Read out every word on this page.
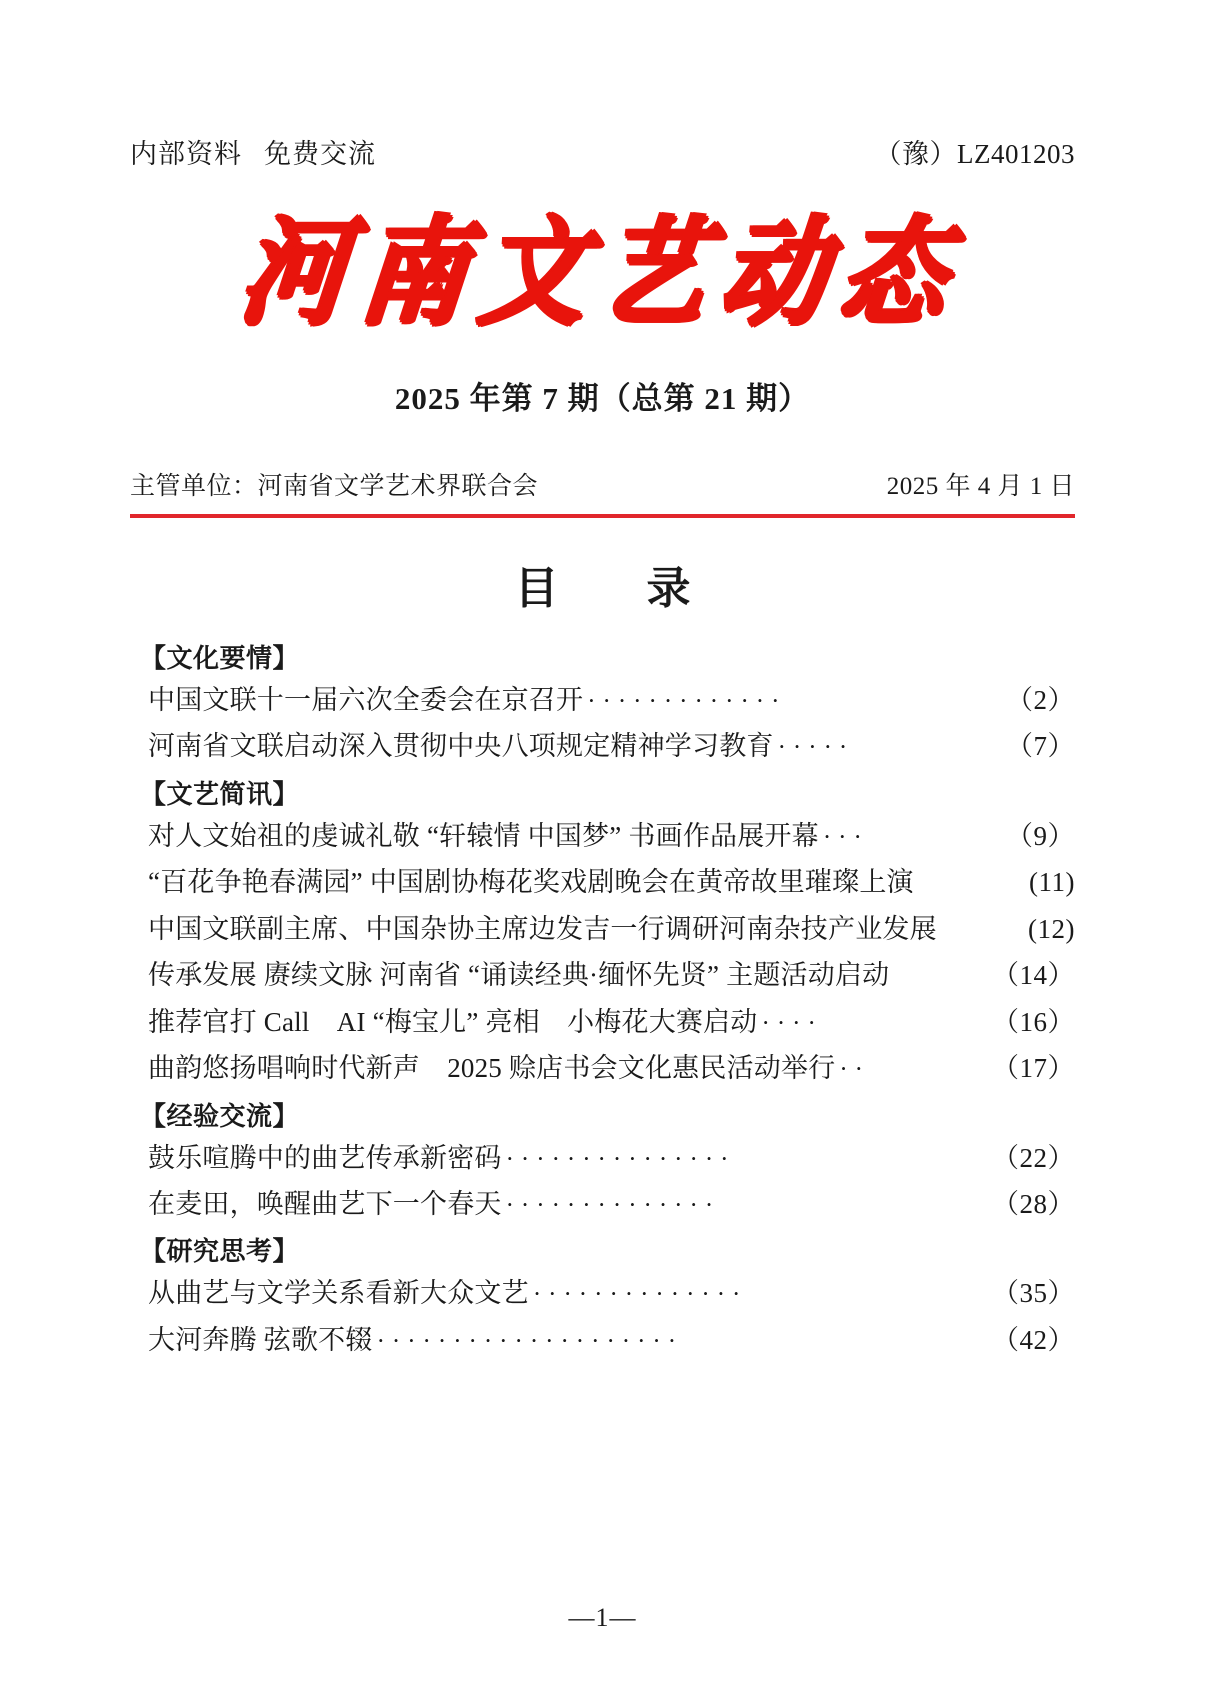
内部资料 免费交流	（豫）LZ401203
河南文艺动态
2025 年第 7 期（总第 21 期）
主管单位：河南省文学艺术界联合会	2025 年 4 月 1 日
目　录
【文化要情】
中国文联十一届六次全委会在京召开 ·············	（2）
河南省文联启动深入贯彻中央八项规定精神学习教育 ·····	（7）
【文艺简讯】
对人文始祖的虔诚礼敬 “轩辕情 中国梦” 书画作品展开幕 ···	（9）
“百花争艳春满园” 中国剧协梅花奖戏剧晚会在黄帝故里璀璨上演	(11)
中国文联副主席、中国杂协主席边发吉一行调研河南杂技产业发展	(12)
传承发展 赓续文脉 河南省 “诵读经典·缅怀先贤” 主题活动启动	（14）
推荐官打 Call　AI “梅宝儿” 亮相　小梅花大赛启动 ····	（16）
曲韵悠扬唱响时代新声　2025 赊店书会文化惠民活动举行 ··	（17）
【经验交流】
鼓乐喧腾中的曲艺传承新密码 ···············	（22）
在麦田，唤醒曲艺下一个春天 ··············	（28）
【研究思考】
从曲艺与文学关系看新大众文艺 ··············	（35）
大河奔腾 弦歌不辍 ····················	（42）
—1—
